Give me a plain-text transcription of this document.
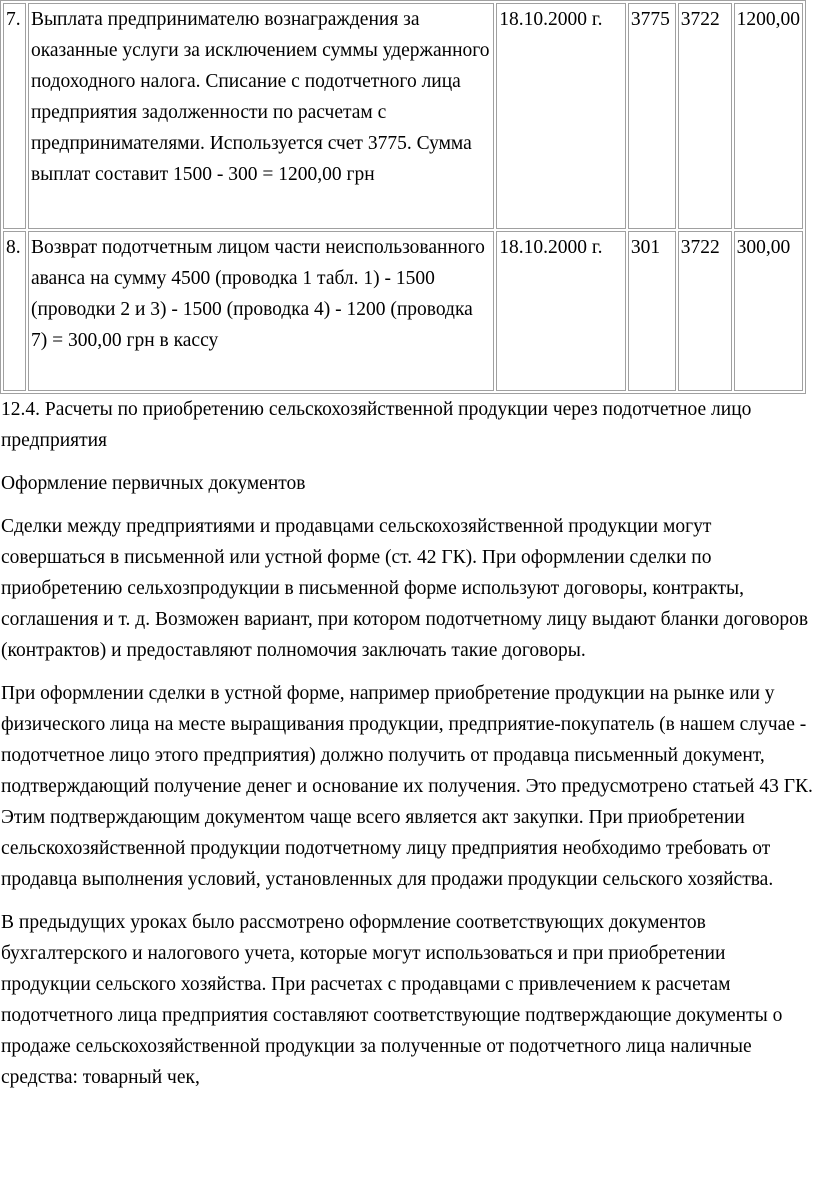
7.	Выплата предпринимателю вознаграждения за оказанные услуги за исключением суммы удержанного подоходного налога. Списание с подотчетного лица предприятия задолженности по расчетам с предпринимателями. Используется счет 3775. Сумма выплат составит 1500 - 300 = 1200,00 грн	18.10.2000 г.	3775	3722	1200,00
8.	Возврат подотчетным лицом части неиспользованного аванса на сумму 4500 (проводка 1 табл. 1) - 1500 (проводки 2 и 3) - 1500 (проводка 4) - 1200 (проводка 7) = 300,00 грн в кассу	18.10.2000 г.	301	3722	300,00

12.4. Расчеты по приобретению сельскохозяйственной продукции через подотчетное лицо предприятия

Оформление первичных документов

Сделки между предприятиями и продавцами сельскохозяйственной продукции могут совершаться в письменной или устной форме (ст. 42 ГК). При оформлении сделки по приобретению сельхозпродукции в письменной форме используют договоры, контракты, соглашения и т. д. Возможен вариант, при котором подотчетному лицу выдают бланки договоров (контрактов) и предоставляют полномочия заключать такие договоры.

При оформлении сделки в устной форме, например приобретение продукции на рынке или у физического лица на месте выращивания продукции, предприятие-покупатель (в нашем случае - подотчетное лицо этого предприятия) должно получить от продавца письменный документ, подтверждающий получение денег и основание их получения. Это предусмотрено статьей 43 ГК. Этим подтверждающим документом чаще всего является акт закупки. При приобретении сельскохозяйственной продукции подотчетному лицу предприятия необходимо требовать от продавца выполнения условий, установленных для продажи продукции сельского хозяйства.

В предыдущих уроках было рассмотрено оформление соответствующих документов бухгалтерского и налогового учета, которые могут использоваться и при приобретении продукции сельского хозяйства. При расчетах с продавцами с привлечением к расчетам подотчетного лица предприятия составляют соответствующие подтверждающие документы о продаже сельскохозяйственной продукции за полученные от подотчетного лица наличные средства: товарный чек,
